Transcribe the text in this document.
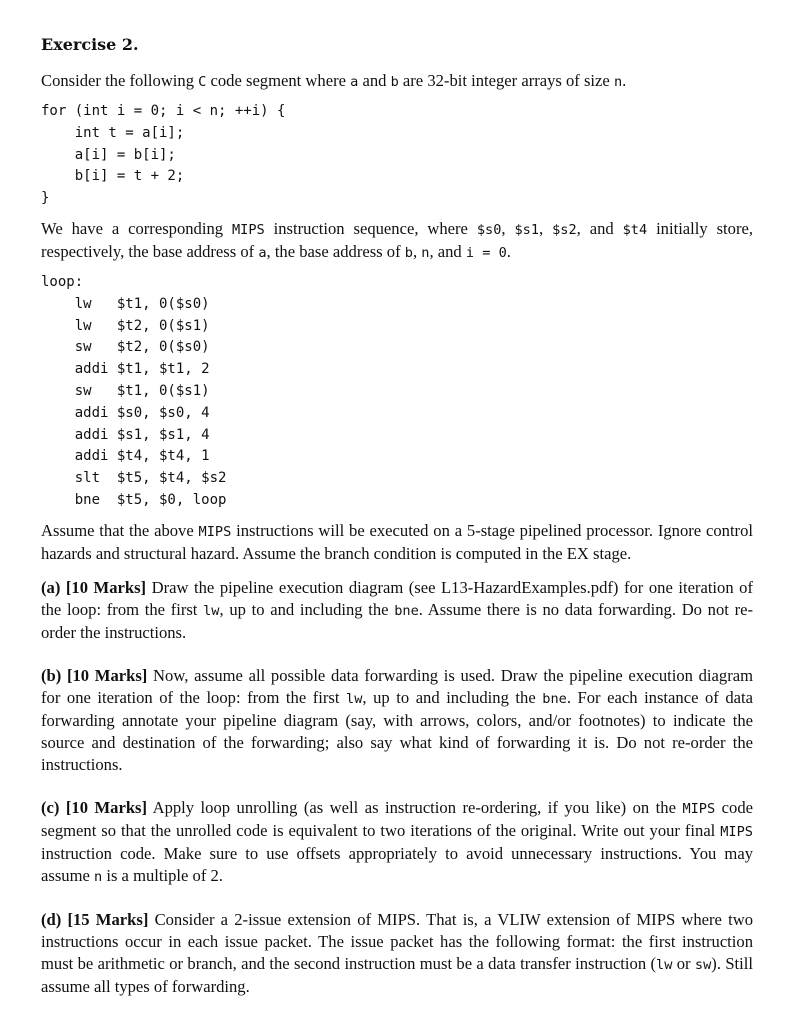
Exercise 2.

Consider the following C code segment where a and b are 32-bit integer arrays of size n.

for (int i = 0; i < n; ++i) {
int t = a[i];
a[i] = b[i];
b[i] = t + 2;
}

We have a corresponding MIPS instruction sequence, where $s0, $s1, $s2, and $t4 initially store, respectively, the base address of a, the base address of b, n, and i = 0.

loop:
lw   $t1, 0($s0)
lw   $t2, 0($s1)
sw   $t2, 0($s0)
addi $t1, $t1, 2
sw   $t1, 0($s1)
addi $s0, $s0, 4
addi $s1, $s1, 4
addi $t4, $t4, 1
slt  $t5, $t4, $s2
bne  $t5, $0, loop

Assume that the above MIPS instructions will be executed on a 5-stage pipelined processor. Ignore control hazards and structural hazard. Assume the branch condition is computed in the EX stage.

(a) [10 Marks] Draw the pipeline execution diagram (see L13-HazardExamples.pdf) for one iteration of the loop: from the first lw, up to and including the bne. Assume there is no data forwarding. Do not re-order the instructions.

(b) [10 Marks] Now, assume all possible data forwarding is used. Draw the pipeline execution diagram for one iteration of the loop: from the first lw, up to and including the bne. For each instance of data forwarding annotate your pipeline diagram (say, with arrows, colors, and/or footnotes) to indicate the source and destination of the forwarding; also say what kind of forwarding it is. Do not re-order the instructions.

(c) [10 Marks] Apply loop unrolling (as well as instruction re-ordering, if you like) on the MIPS code segment so that the unrolled code is equivalent to two iterations of the original. Write out your final MIPS instruction code. Make sure to use offsets appropriately to avoid unnecessary instructions. You may assume n is a multiple of 2.

(d) [15 Marks] Consider a 2-issue extension of MIPS. That is, a VLIW extension of MIPS where two instructions occur in each issue packet. The issue packet has the following format: the first instruction must be arithmetic or branch, and the second instruction must be a data transfer instruction (lw or sw). Still assume all types of forwarding.
